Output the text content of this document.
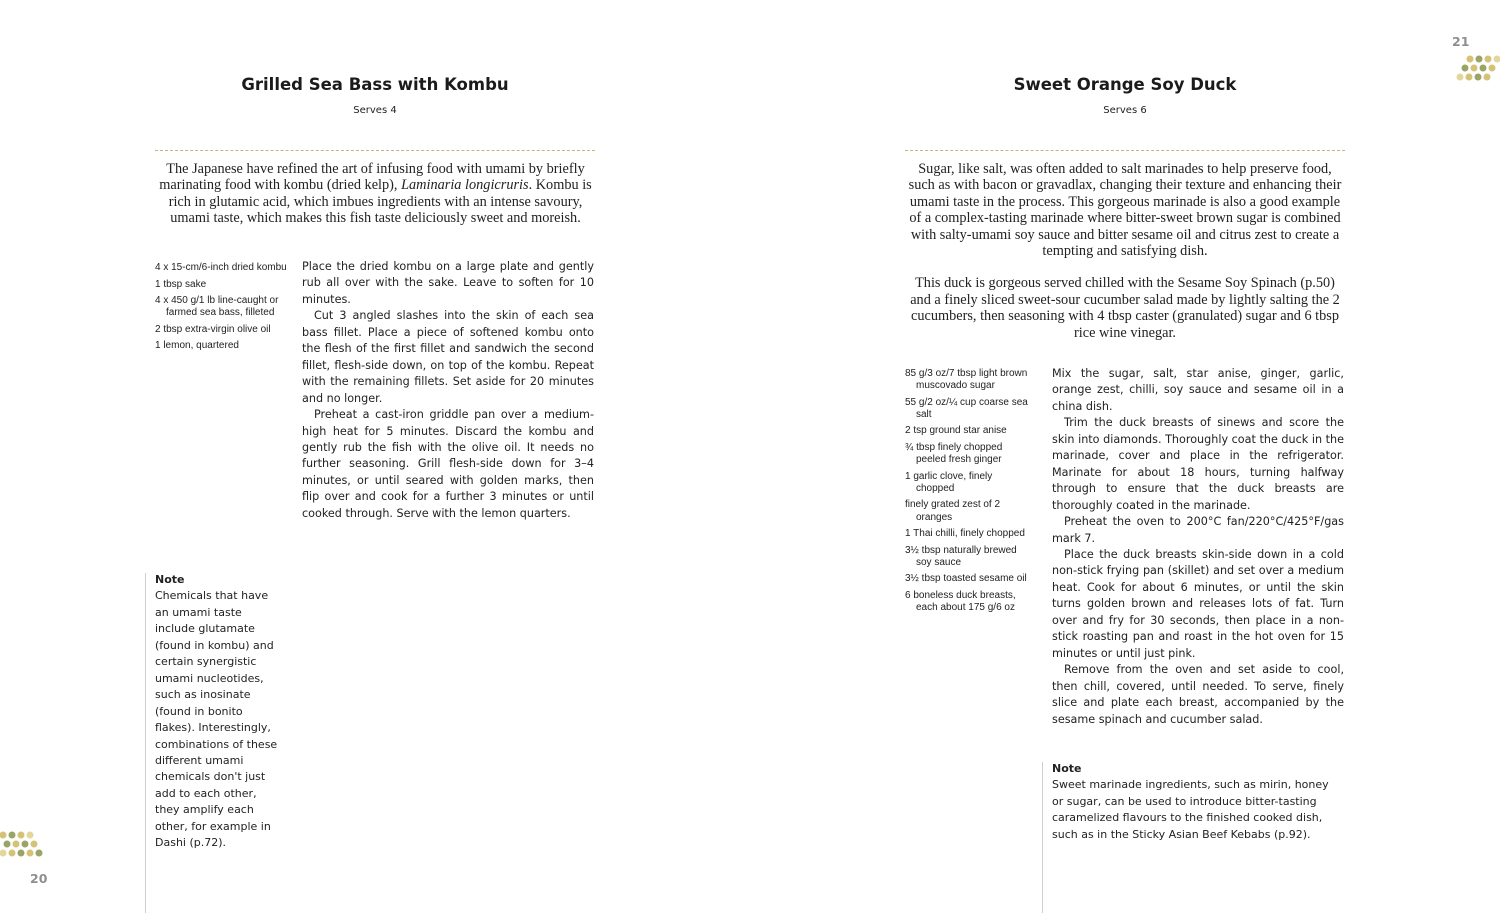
Grilled Sea Bass with Kombu
Serves 4

The Japanese have refined the art of infusing food with umami by briefly marinating food with kombu (dried kelp), Laminaria longicruris. Kombu is rich in glutamic acid, which imbues ingredients with an intense savoury, umami taste, which makes this fish taste deliciously sweet and moreish.

4 x 15-cm/6-inch dried kombu
1 tbsp sake
4 x 450 g/1 lb line-caught or farmed sea bass, filleted
2 tbsp extra-virgin olive oil
1 lemon, quartered

Place the dried kombu on a large plate and gently rub all over with the sake. Leave to soften for 10 minutes.

Cut 3 angled slashes into the skin of each sea bass fillet. Place a piece of softened kombu onto the flesh of the first fillet and sandwich the second fillet, flesh-side down, on top of the kombu. Repeat with the remaining fillets. Set aside for 20 minutes and no longer.

Preheat a cast-iron griddle pan over a medium-high heat for 5 minutes. Discard the kombu and gently rub the fish with the olive oil. It needs no further seasoning. Grill flesh-side down for 3–4 minutes, or until seared with golden marks, then flip over and cook for a further 3 minutes or until cooked through. Serve with the lemon quarters.

Note
Chemicals that have an umami taste include glutamate (found in kombu) and certain synergistic umami nucleotides, such as inosinate (found in bonito flakes). Interestingly, combinations of these different umami chemicals don't just add to each other, they amplify each other, for example in Dashi (p.72).
20
Sweet Orange Soy Duck
Serves 6

Sugar, like salt, was often added to salt marinades to help preserve food, such as with bacon or gravadlax, changing their texture and enhancing their umami taste in the process. This gorgeous marinade is also a good example of a complex-tasting marinade where bitter-sweet brown sugar is combined with salty-umami soy sauce and bitter sesame oil and citrus zest to create a tempting and satisfying dish.

This duck is gorgeous served chilled with the Sesame Soy Spinach (p.50) and a finely sliced sweet-sour cucumber salad made by lightly salting the 2 cucumbers, then seasoning with 4 tbsp caster (granulated) sugar and 6 tbsp rice wine vinegar.

85 g/3 oz/7 tbsp light brown muscovado sugar
55 g/2 oz/¼ cup coarse sea salt
2 tsp ground star anise
¾ tbsp finely chopped peeled fresh ginger
1 garlic clove, finely chopped
finely grated zest of 2 oranges
1 Thai chilli, finely chopped
3½ tbsp naturally brewed soy sauce
3½ tbsp toasted sesame oil
6 boneless duck breasts, each about 175 g/6 oz

Mix the sugar, salt, star anise, ginger, garlic, orange zest, chilli, soy sauce and sesame oil in a china dish.

Trim the duck breasts of sinews and score the skin into diamonds. Thoroughly coat the duck in the marinade, cover and place in the refrigerator. Marinate for about 18 hours, turning halfway through to ensure that the duck breasts are thoroughly coated in the marinade.

Preheat the oven to 200°C fan/220°C/425°F/gas mark 7.

Place the duck breasts skin-side down in a cold non-stick frying pan (skillet) and set over a medium heat. Cook for about 6 minutes, or until the skin turns golden brown and releases lots of fat. Turn over and fry for 30 seconds, then place in a non-stick roasting pan and roast in the hot oven for 15 minutes or until just pink.

Remove from the oven and set aside to cool, then chill, covered, until needed. To serve, finely slice and plate each breast, accompanied by the sesame spinach and cucumber salad.

Note
Sweet marinade ingredients, such as mirin, honey or sugar, can be used to introduce bitter-tasting caramelized flavours to the finished cooked dish, such as in the Sticky Asian Beef Kebabs (p.92).
21
